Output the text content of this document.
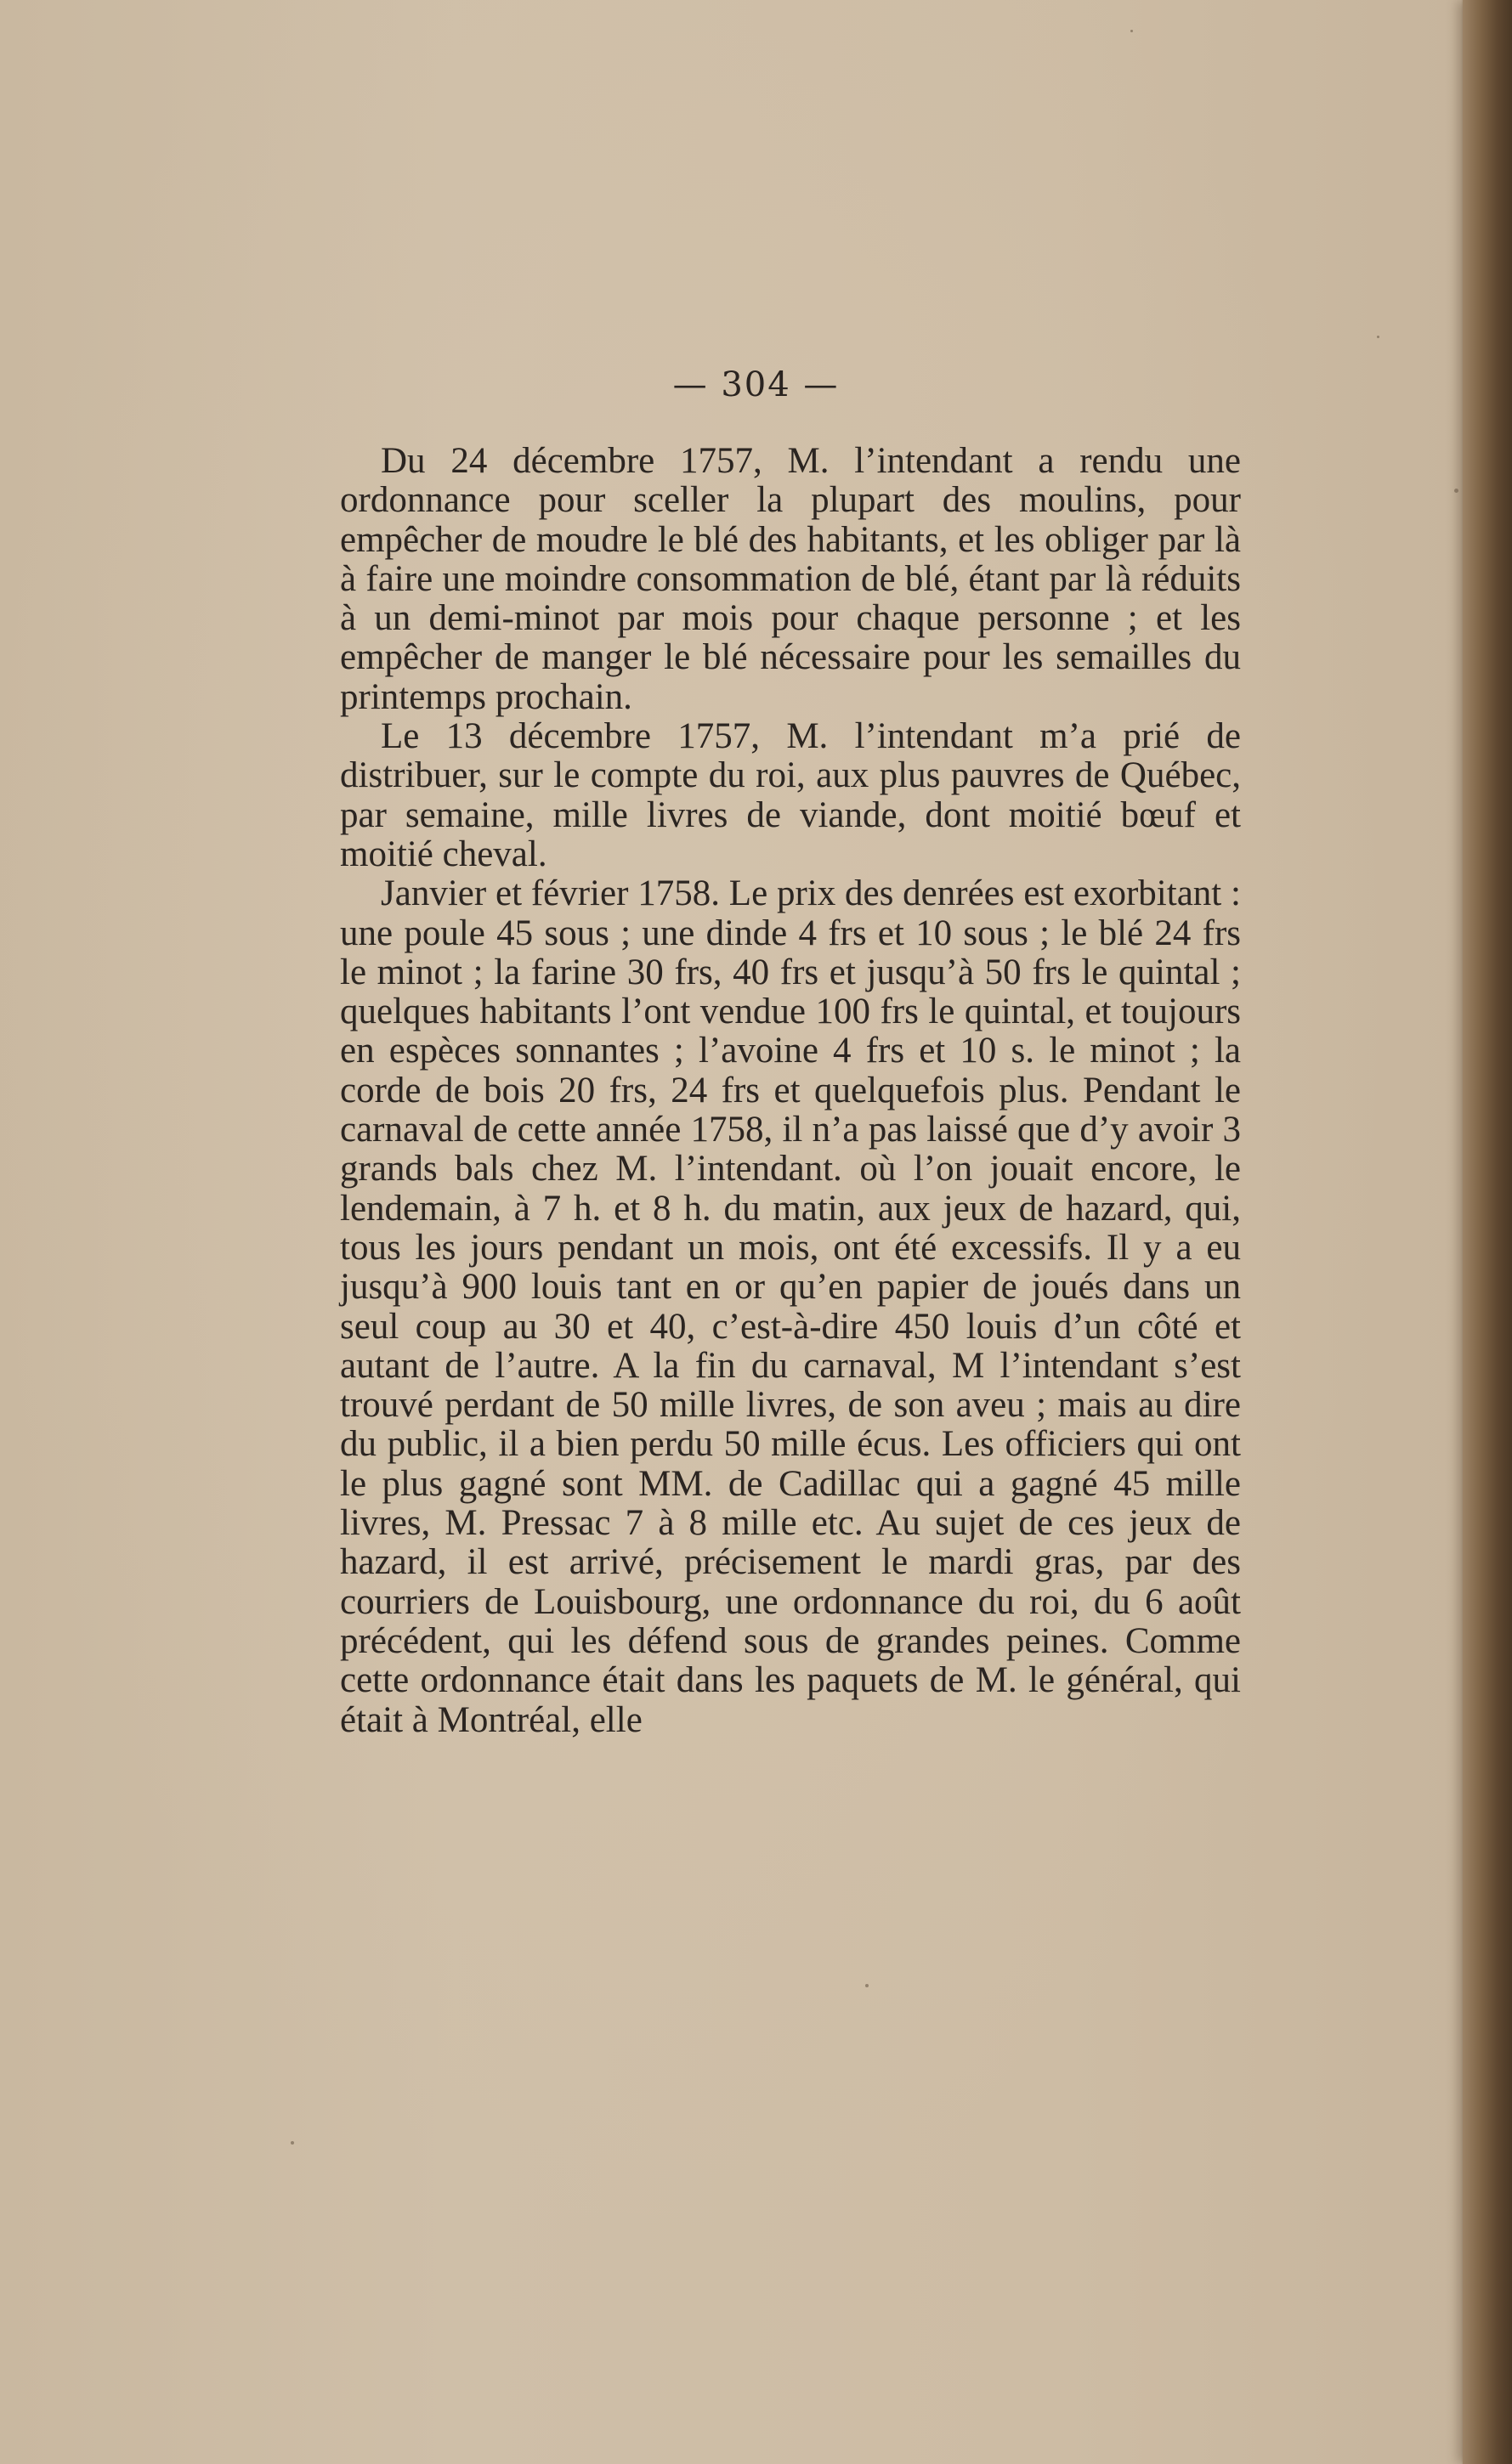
— 304 —

Du 24 décembre 1757, M. l’intendant a rendu une ordonnance pour sceller la plupart des moulins, pour empêcher de moudre le blé des habitants, et les obliger par là à faire une moindre consommation de blé, étant par là réduits à un demi-minot par mois pour chaque personne ; et les empêcher de manger le blé nécessaire pour les semailles du printemps prochain.

Le 13 décembre 1757, M. l’intendant m’a prié de distribuer, sur le compte du roi, aux plus pauvres de Québec, par semaine, mille livres de viande, dont moitié bœuf et moitié cheval.

Janvier et février 1758. Le prix des denrées est exorbitant : une poule 45 sous ; une dinde 4 frs et 10 sous ; le blé 24 frs le minot ; la farine 30 frs, 40 frs et jusqu’à 50 frs le quintal ; quelques habitants l’ont vendue 100 frs le quintal, et toujours en espèces sonnantes ; l’avoine 4 frs et 10 s. le minot ; la corde de bois 20 frs, 24 frs et quelquefois plus. Pendant le carnaval de cette année 1758, il n’a pas laissé que d’y avoir 3 grands bals chez M. l’intendant. où l’on jouait encore, le lendemain, à 7 h. et 8 h. du matin, aux jeux de hazard, qui, tous les jours pendant un mois, ont été excessifs. Il y a eu jusqu’à 900 louis tant en or qu’en papier de joués dans un seul coup au 30 et 40, c’est-à-dire 450 louis d’un côté et autant de l’autre. A la fin du carnaval, M l’intendant s’est trouvé perdant de 50 mille livres, de son aveu ; mais au dire du public, il a bien perdu 50 mille écus. Les officiers qui ont le plus gagné sont MM. de Cadillac qui a gagné 45 mille livres, M. Pressac 7 à 8 mille etc. Au sujet de ces jeux de hazard, il est arrivé, précisement le mardi gras, par des courriers de Louisbourg, une ordonnance du roi, du 6 août précédent, qui les défend sous de grandes peines. Comme cette ordonnance était dans les paquets de M. le général, qui était à Montréal, elle
